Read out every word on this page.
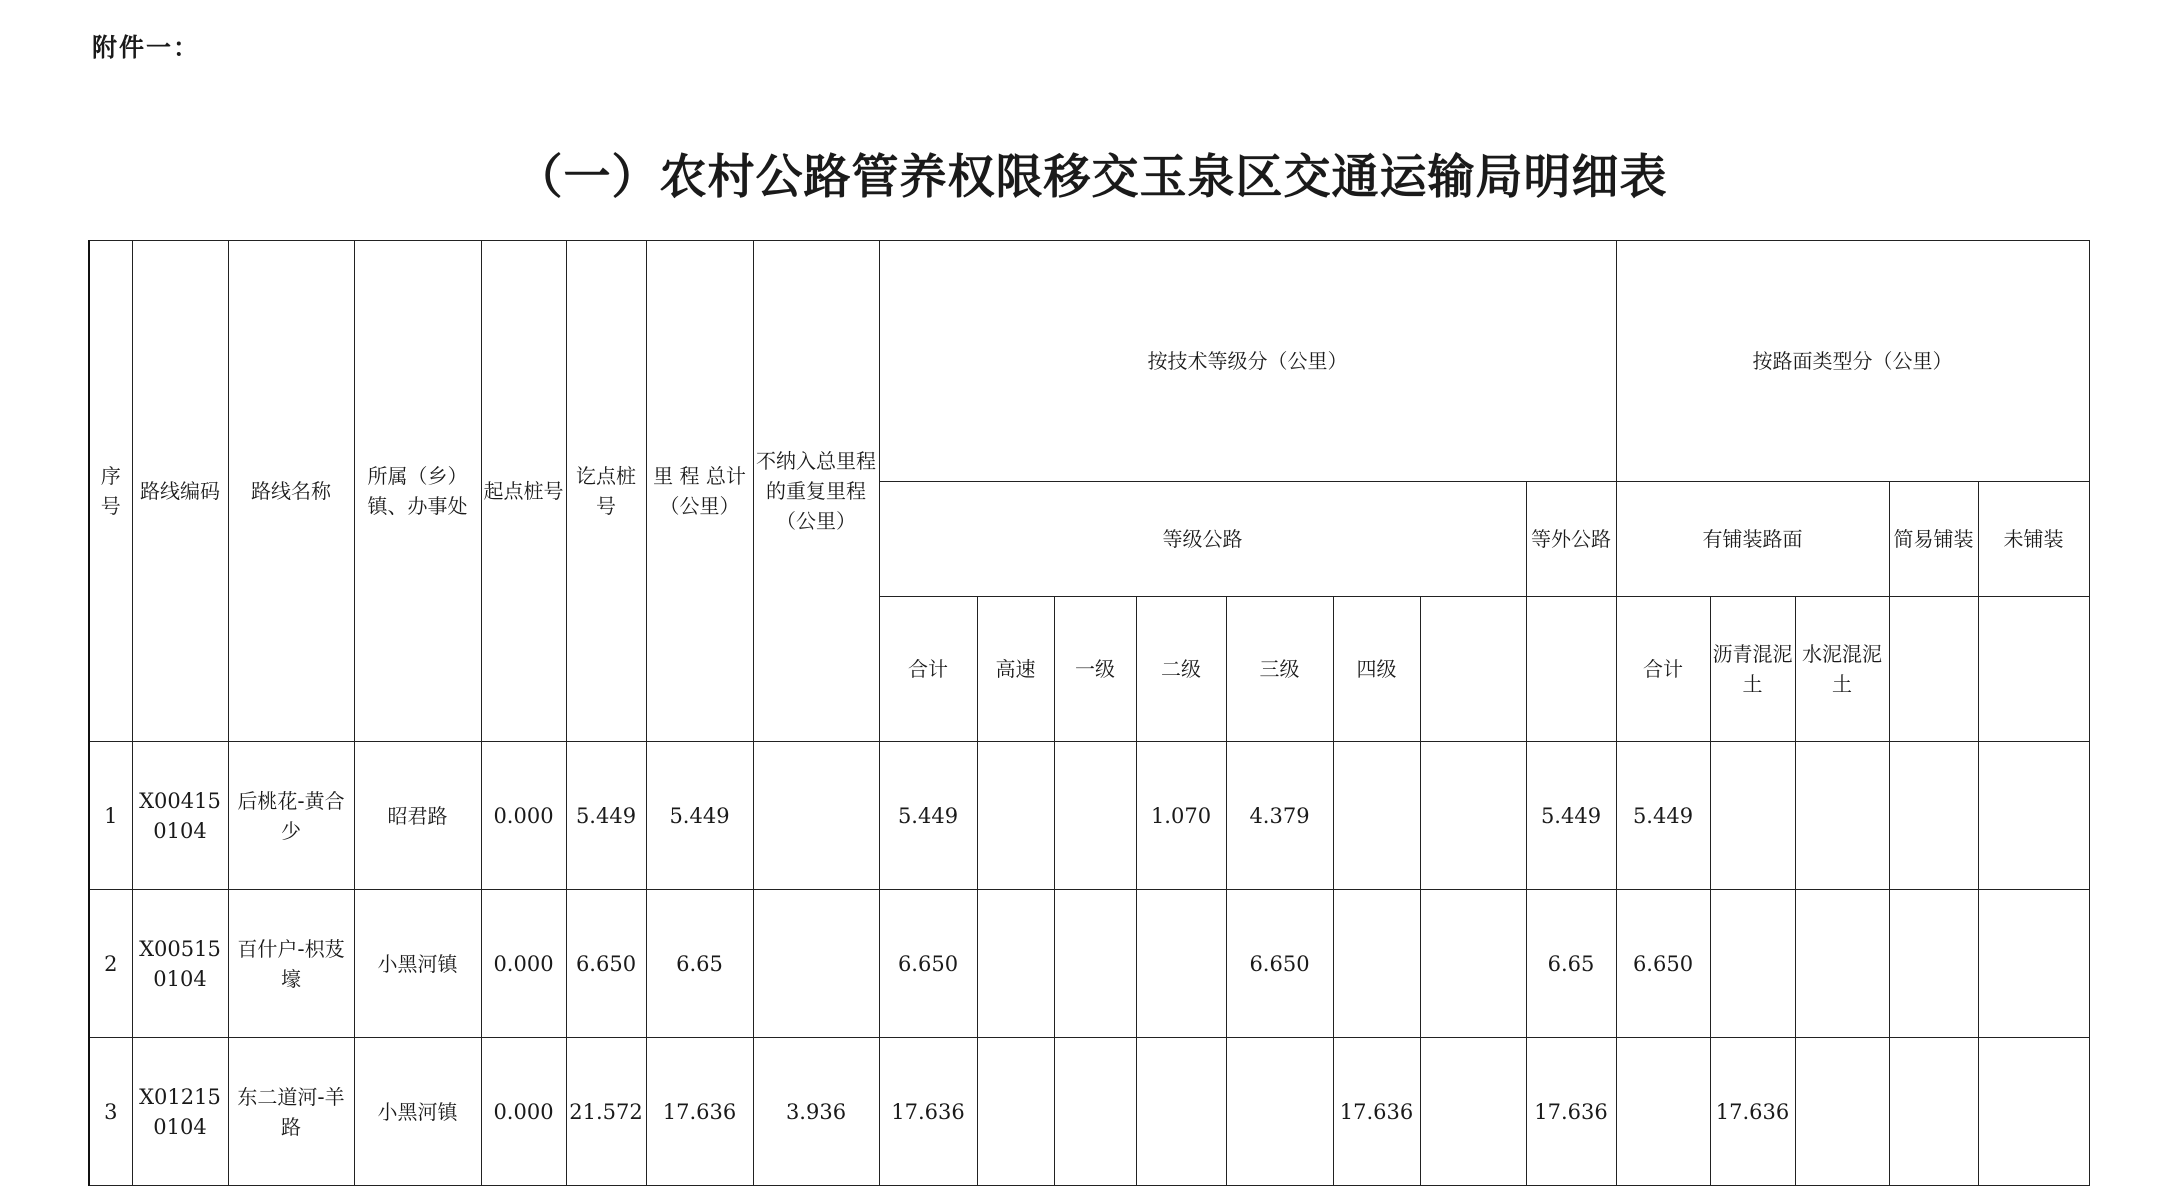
附件一：
（一）农村公路管养权限移交玉泉区交通运输局明细表
序号	路线编码	路线名称	所属（乡）镇、办事处	起点桩号	讫点桩号	里 程 总计 （公里）	不纳入总里程的重复里程 （公里）	按技术等级分（公里）								按路面类型分（公里）	
								等级公路							等外公路	有铺装路面			简易铺装	未铺装	
								合计	高速	一级	二级	三级	四级			合计	沥青混泥土	水泥混泥土			
1	X004150104	后桃花-黄合少	昭君路	0.000	5.449	5.449		5.449			1.070	4.379			5.449	5.449					
2	X005150104	百什户-枳芨壕	小黑河镇	0.000	6.650	6.65		6.650				6.650			6.65	6.650					
3	X012150104	东二道河-羊路	小黑河镇	0.000	21.572	17.636	3.936	17.636					17.636		17.636		17.636				
